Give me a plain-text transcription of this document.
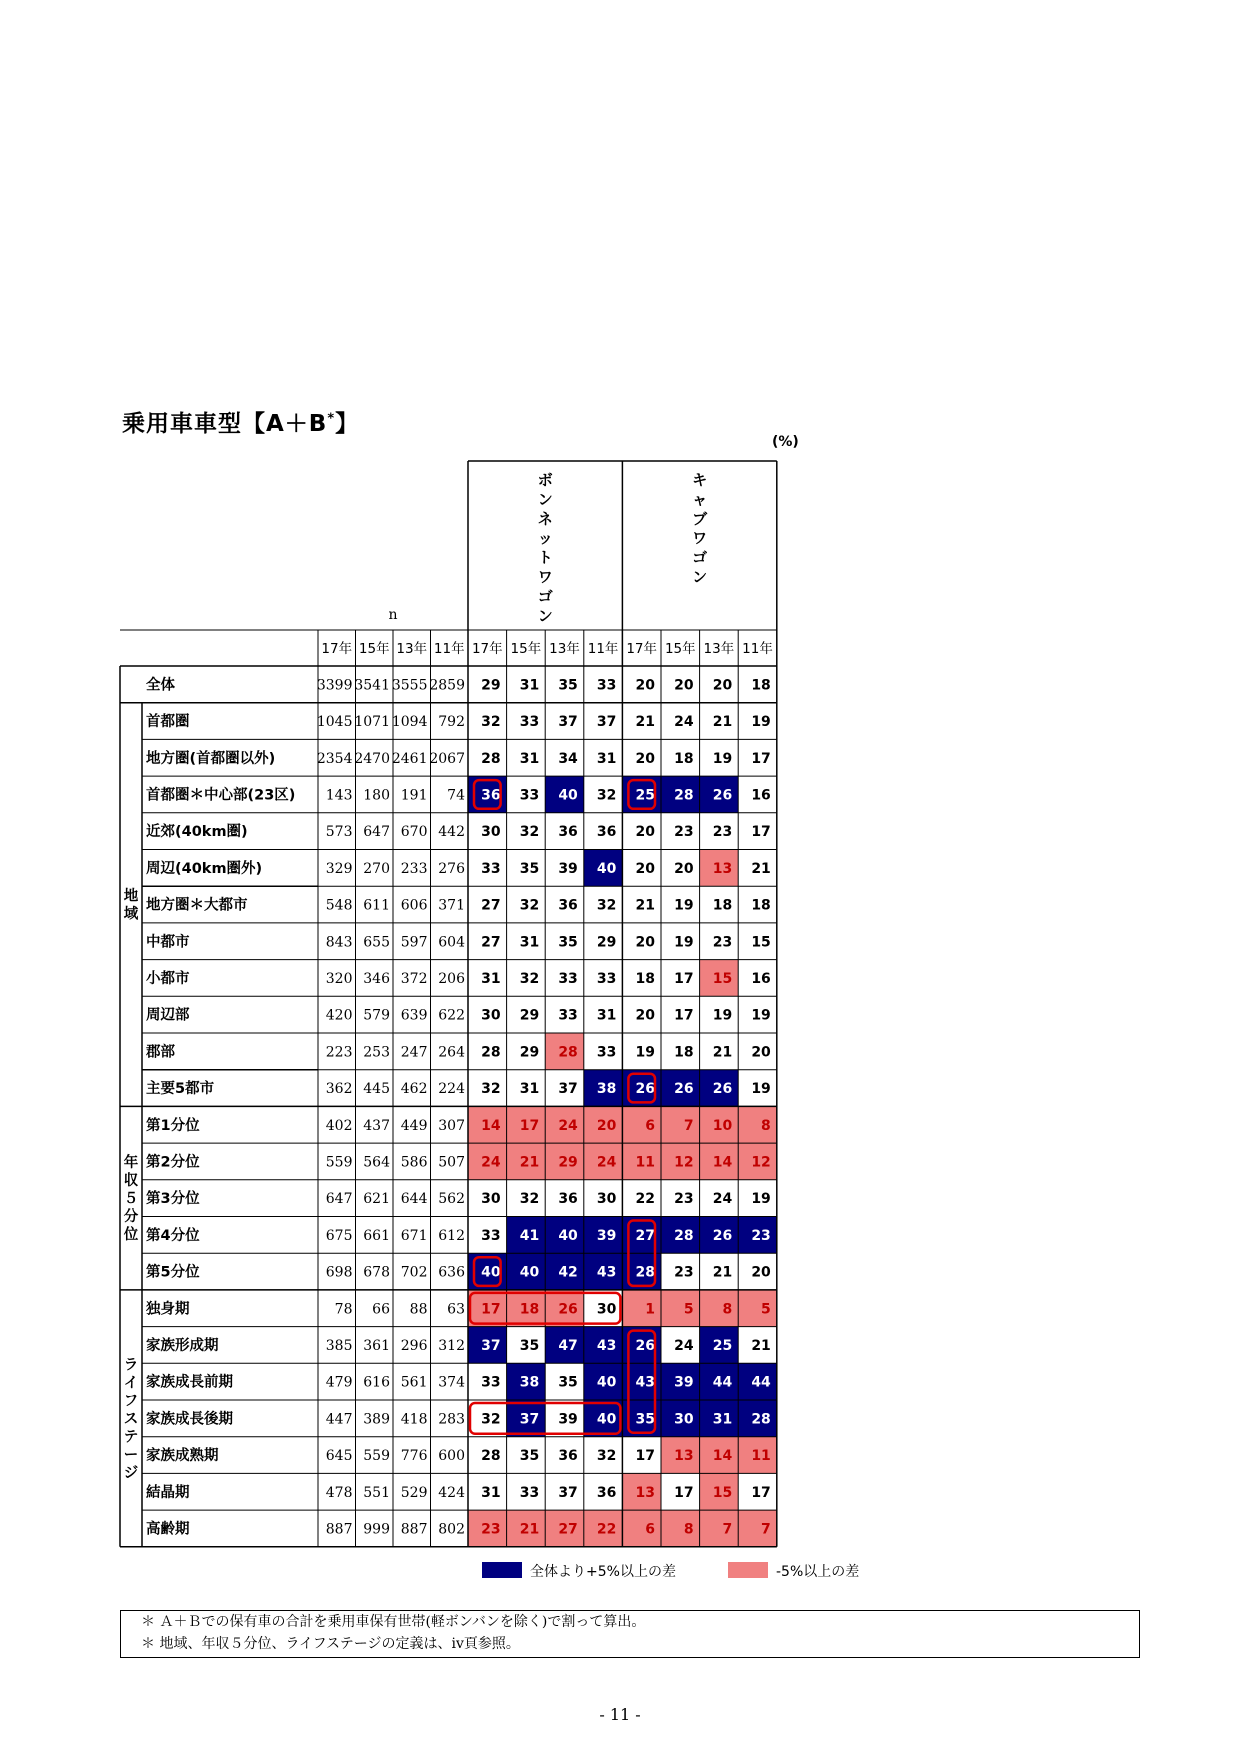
乗用車車型【A＋B*】
(%)
n
ボ
ン
ネ
ッ
ト
ワ
ゴ
ン
キ
ャ
ブ
ワ
ゴ
ン
17年 15年 13年 11年 17年 15年 13年 11年 17年 15年 13年 11年
全体	3399 3541 3555 2859 29 31 35 33 20 20 20 18
首都圏	1045 1071 1094 792 32 33 37 37 21 24 21 19
地方圏(首都圏以外)	2354 2470 2461 2067 28 31 34 31 20 18 19 17
首都圏＊中心部(23区) 143 180 191 74 36 33 40 32 25 28 26 16
近郊(40km圏)	573 647 670 442 30 32 36 36 20 23 23 17
周辺(40km圏外)	329 270 233 276 33 35 39 40 20 20 13 21
地方圏＊大都市	548 611 606 371 27 32 36 32 21 19 18 18
中都市	843 655 597 604 27 31 35 29 20 19 23 15
小都市	320 346 372 206 31 32 33 33 18 17 15 16
周辺部	420 579 639 622 30 29 33 31 20 17 19 19
郡部	223 253 247 264 28 29 28 33 19 18 21 20
主要5都市	362 445 462 224 32 31 37 38 26 26 26 19
第1分位	402 437 449 307 14 17 24 20 6 7 10 8
第2分位	559 564 586 507 24 21 29 24 11 12 14 12
第3分位	647 621 644 562 30 32 36 30 22 23 24 19
第4分位	675 661 671 612 33 41 40 39 27 28 26 23
第5分位	698 678 702 636 40 40 42 43 28 23 21 20
独身期	78 66 88 63 17 18 26 30 1 5 8 5
家族形成期	385 361 296 312 37 35 47 43 26 24 25 21
家族成長前期	479 616 561 374 33 38 35 40 43 39 44 44
家族成長後期	447 389 418 283 32 37 39 40 35 30 31 28
家族成熟期	645 559 776 600 28 35 36 32 17 13 14 11
結晶期	478 551 529 424 31 33 37 36 13 17 15 17
高齢期	887 999 887 802 23 21 27 22 6 8 7 7
地
域
年
収
５
分
位
ラ
イ
フ
ス
テ
ー
ジ
全体より+5%以上の差	-5%以上の差
＊ Ａ＋Ｂでの保有車の合計を乗用車保有世帯(軽ボンバンを除く)で割って算出。
＊ 地域、年収５分位、ライフステージの定義は、ⅳ頁参照。
- 11 -
